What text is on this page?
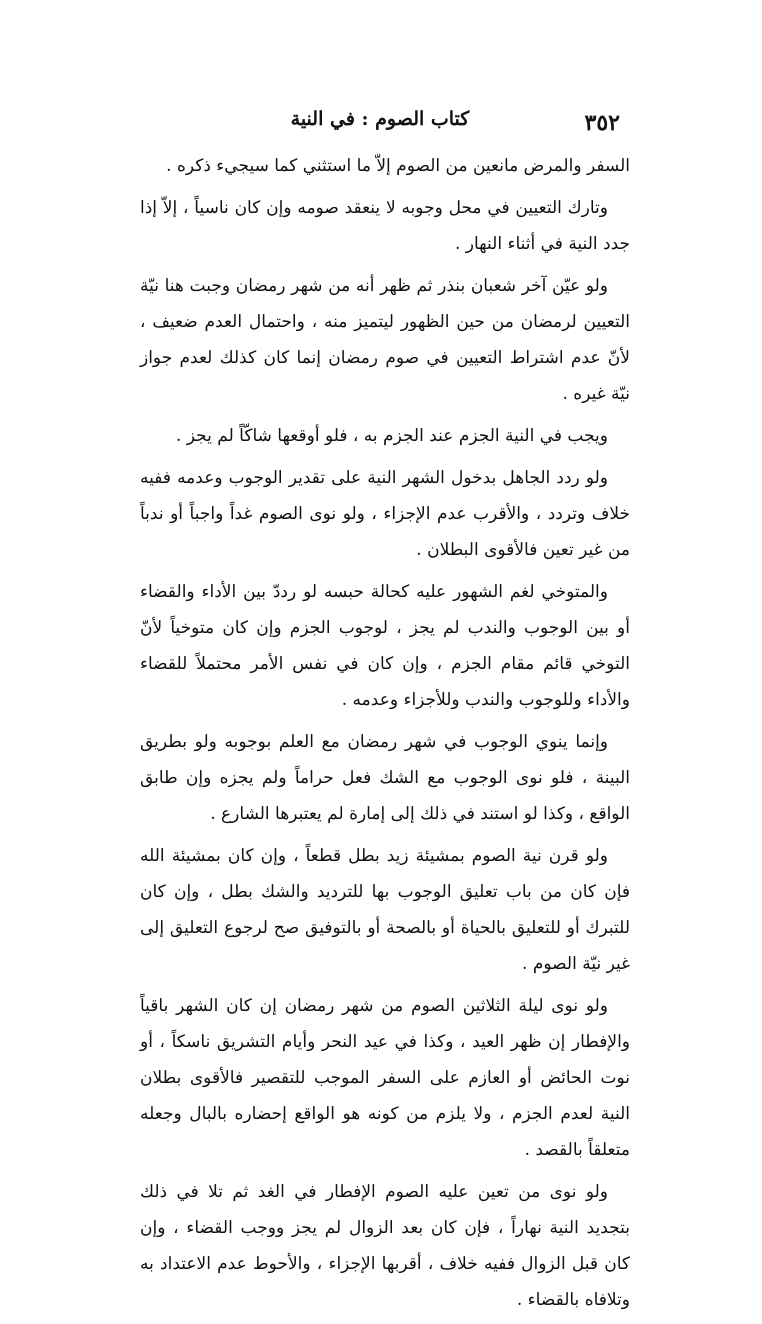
٣٥٢
كتاب الصوم : في النية

السفر والمرض مانعين من الصوم إلاّ ما استثني كما سيجيء ذكره .

وتارك التعيين في محل وجوبه لا ينعقد صومه وإن كان ناسياً ، إلاّ إذا جدد النية في أثناء النهار .

ولو عيّن آخر شعبان بنذر ثم ظهر أنه من شهر رمضان وجبت هنا نيّة التعيين لرمضان من حين الظهور ليتميز منه ، واحتمال العدم ضعيف ، لأنّ عدم اشتراط التعيين في صوم رمضان إنما كان كذلك لعدم جواز نيّة غيره .

ويجب في النية الجزم عند الجزم به ، فلو أوقعها شاكّاً لم يجز .

ولو ردد الجاهل بدخول الشهر النية على تقدير الوجوب وعدمه ففيه خلاف وتردد ، والأقرب عدم الإجزاء ، ولو نوى الصوم غداً واجباً أو ندباً من غير تعين فالأقوى البطلان .

والمتوخي لغم الشهور عليه كحالة حبسه لو رددّ بين الأداء والقضاء أو بين الوجوب والندب لم يجز ، لوجوب الجزم وإن كان متوخياً لأنّ التوخي قائم مقام الجزم ، وإن كان في نفس الأمر محتملاً للقضاء والأداء وللوجوب والندب وللأجزاء وعدمه .

وإنما ينوي الوجوب في شهر رمضان مع العلم بوجوبه ولو بطريق البينة ، فلو نوى الوجوب مع الشك فعل حراماً ولم يجزه وإن طابق الواقع ، وكذا لو استند في ذلك إلى إمارة لم يعتبرها الشارع .

ولو قرن نية الصوم بمشيئة زيد بطل قطعاً ، وإن كان بمشيئة الله فإن كان من باب تعليق الوجوب بها للترديد والشك بطل ، وإن كان للتبرك أو للتعليق بالحياة أو بالصحة أو بالتوفيق صح لرجوع التعليق إلى غير نيّة الصوم .

ولو نوى ليلة الثلاثين الصوم من شهر رمضان إن كان الشهر باقياً والإفطار إن ظهر العيد ، وكذا في عيد النحر وأيام التشريق ناسكاً ، أو نوت الحائض أو العازم على السفر الموجب للتقصير فالأقوى بطلان النية لعدم الجزم ، ولا يلزم من كونه هو الواقع إحضاره بالبال وجعله متعلقاً بالقصد .

ولو نوى من تعين عليه الصوم الإفطار في الغد ثم تلا في ذلك بتجديد النية نهاراً ، فإن كان بعد الزوال لم يجز ووجب القضاء ، وإن كان قبل الزوال ففيه خلاف ، أقربها الإجزاء ، والأحوط عدم الاعتداد به وتلافاه بالقضاء .
